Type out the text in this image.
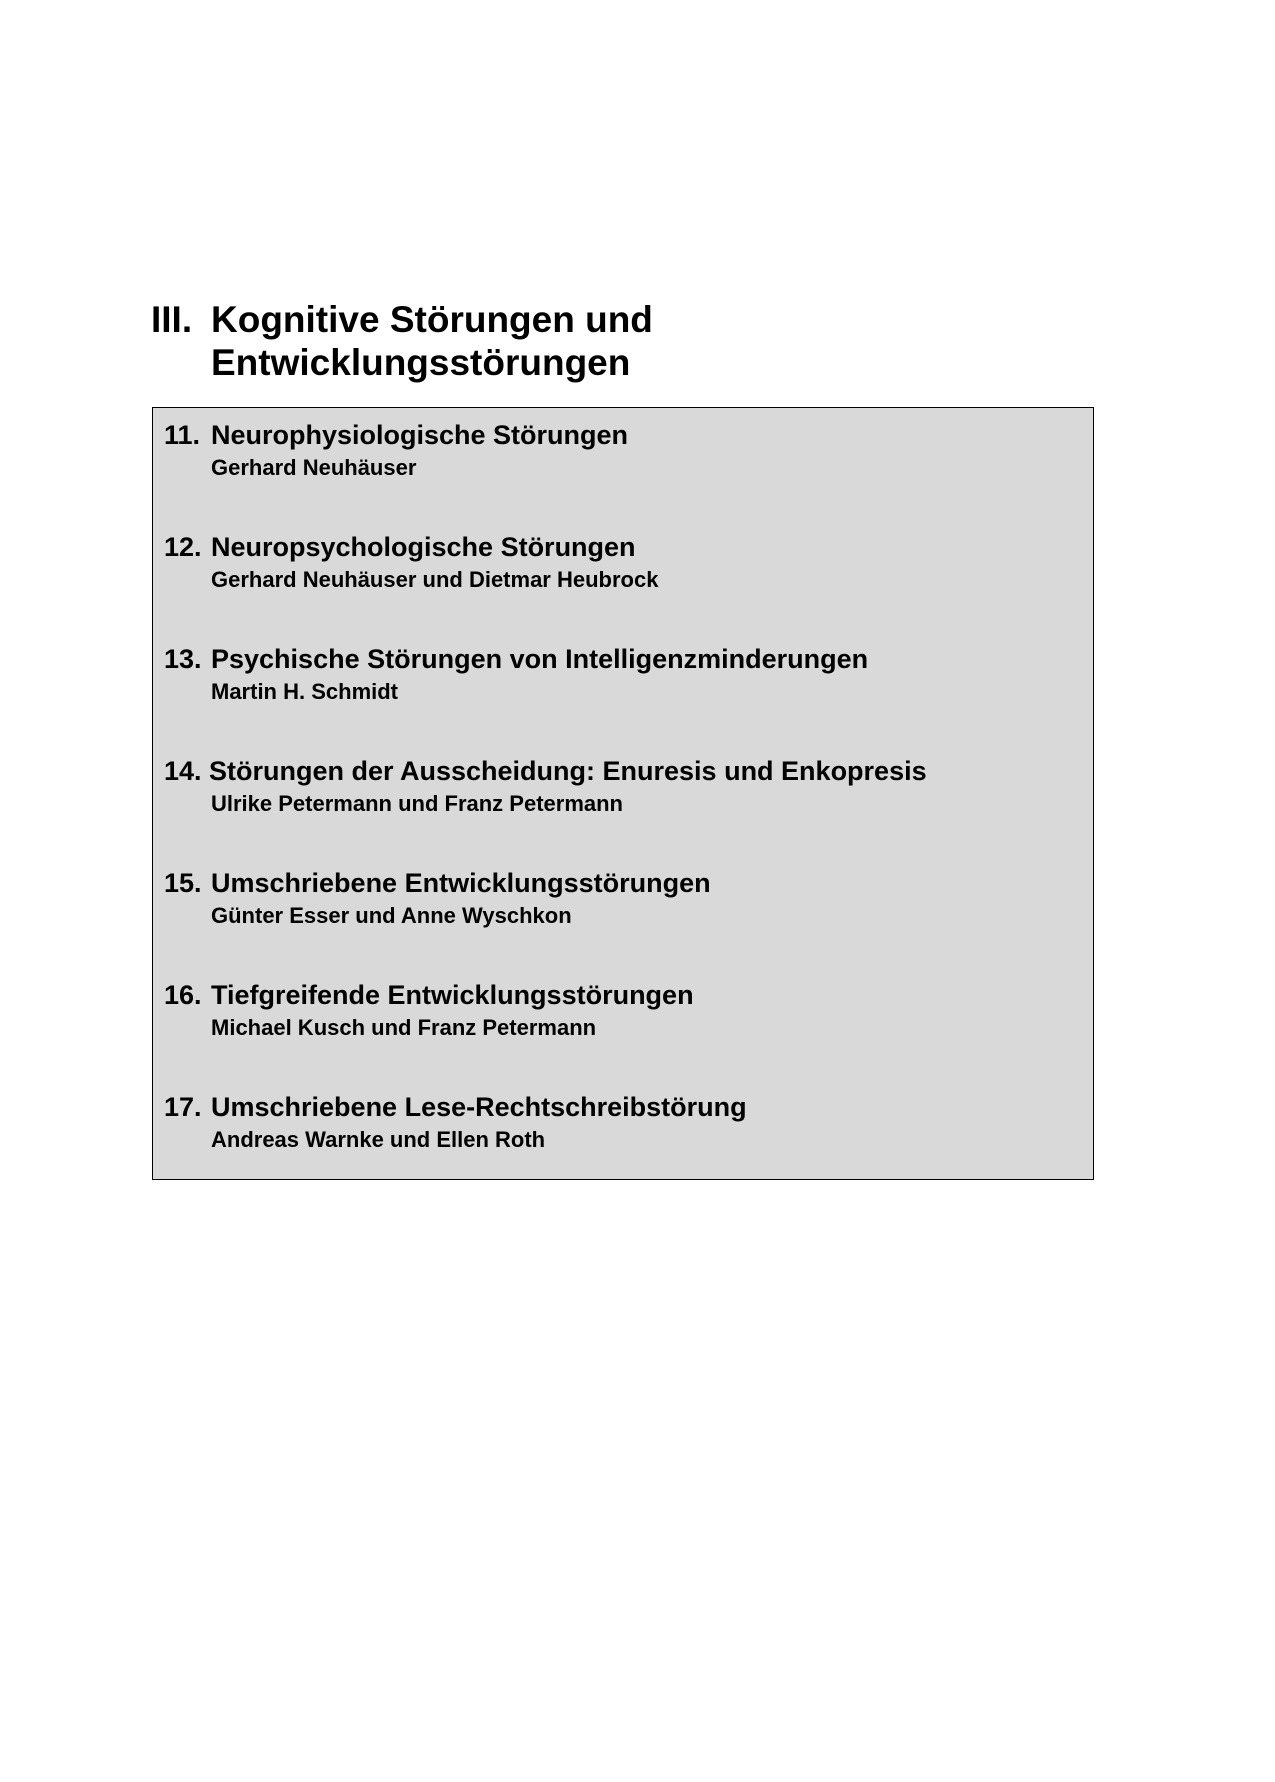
III. Kognitive Störungen und
Entwicklungsstörungen
11. Neurophysiologische Störungen
Gerhard Neuhäuser
12. Neuropsychologische Störungen
Gerhard Neuhäuser und Dietmar Heubrock
13. Psychische Störungen von Intelligenzminderungen
Martin H. Schmidt
14. Störungen der Ausscheidung: Enuresis und Enkopresis
Ulrike Petermann und Franz Petermann
15. Umschriebene Entwicklungsstörungen
Günter Esser und Anne Wyschkon
16. Tiefgreifende Entwicklungsstörungen
Michael Kusch und Franz Petermann
17. Umschriebene Lese-Rechtschreibstörung
Andreas Warnke und Ellen Roth
